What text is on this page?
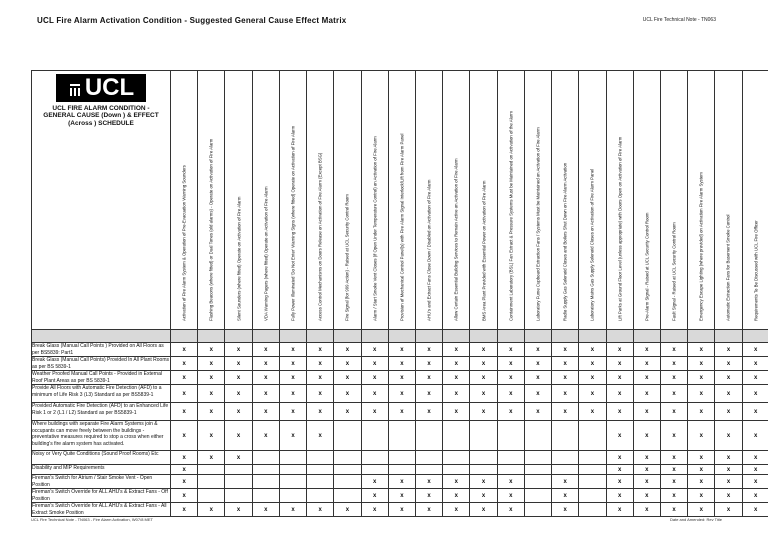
UCL Fire Alarm Activation Condition - Suggested General Cause Effect Matrix	UCL Fire Technical Note - TN063
UCL
UCL FIRE ALARM CONDITION -
GENERAL CAUSE (Down ) & EFFECT
(Across ) SCHEDULE	Activation of Fire Alarm System & Operation of Pre-Evacuation Warning Sounders	Flashing Beacons (where fitted) or Dual Tones (old alarms) - Operate on Activation of Fire Alarm	Silent Sounders (where fitted) Operate on Activation of Fire Alarm	VDA Warning Pagers (where fitted) Operate on Activation of Fire Alarm	Fully Power Illuminated 'Do Not Enter' Warning Signs (where fitted) Operate on Activation of Fire Alarm	Access Control Mechanisms on Doors Release on Activation of Fire Alarm (Except BSG)	Fire Signal (for 999 Action) - Raised at UCL Security Control Room	Alarm / Start Smoke Vent Closes (if Open Under Temperature Control) on Activation of Fire Alarm	Provision of Mechanical Control Panel(s) with Fire Alarm Signal Interlock/Lift from Fire Alarm Panel	AHU's and Extract Fans Close Down / Disabled on Activation of Fire Alarm	Allow Certain Essential Building Services to Remain Active on Activation of Fire Alarm	BMS Area Plant Provided with Essential Power on Activation of Fire Alarm	Containment Laboratory (BSL) Fan Extract & Pressure Systems Must be Maintained on Activation of the Alarm	Laboratory Fume Cupboard Extraction Fans / Systems Must be Maintained on Activation of Fire Alarm	Radio Supply Gas Solenoid Closes and Boilers Shut Down on Fire Alarm Activation	Laboratory Mains Gas Supply Solenoid Closes on Activation of Fire Alarm Panel	Lift Parks at Ground Floor Level (unless appropriate) with Doors Open on Activation of Fire Alarm	Pre-Alarm Signal - Raised at UCL Security Control Room	Fault Signal - Raised at UCL Security Control Room	Emergency Escape Lighting (where provided) on Activation Fire Alarm System	Automatic Extraction Fans for Basement Smoke Control	Requirements To Be Discussed with UCL Fire Officer

Break Glass (Manual Call Points ) Provided on All Floors as per BS5839: Part1	x	x	x	x	x	x	x	x	x	x	x	x	x	x	x	x	x	x	x	x	x	x
Break Glass (Manual Call Points) Provided In All Plant Rooms as per BS 5839-1	x	x	x	x	x	x	x	x	x	x	x	x	x	x	x	x	x	x	x	x	x	x
Weather Proofed Manual Call Points - Provided in External Roof Plant Areas as per BS 5839-1	x	x	x	x	x	x	x	x	x	x	x	x	x	x	x	x	x	x	x	x	x	x
Provide All Floors with Automatic Fire Detection (AFD) to a minimum of Life Risk 3 (L3) Standard as per BS5839-1	x	x	x	x	x	x	x	x	x	x	x	x	x	x	x	x	x	x	x	x	x	x
Provided Automatic Fire Detection (AFD) to an Enhanced Life Risk 1 or 2 (L1 / L2) Standard as per BS5839-1	x	x	x	x	x	x	x	x	x	x	x	x	x	x	x	x	x	x	x	x	x	x
Where buildings with separate Fire Alarm Systems join & occupants can move freely between the buildings - preventative measures required to stop a cross when either building's fire alarm system has activated.	x	x	x	x	x	x											x	x	x	x	x	x
Noisy or Very Quite Conditions (Sound Proof Rooms) Etc	x	x	x														x	x	x	x	x	x
Disability and MIP Requirements	x																x	x	x	x	x	x
Fireman's Switch for Atrium / Stair Smoke Vent - Open Position	x							x	x	x	x	x	x		x		x	x	x	x	x	x
Fireman's Switch Override for ALL AHU's & Extract Fans - Off Position	x							x	x	x	x	x	x		x		x	x	x	x	x	x
Fireman's Switch Override for ALL AHU's & Extract Fans - All Extract Smoke Position	x	x	x	x	x	x	x	x	x	x	x	x	x		x		x	x	x	x	x	x
UCL Fire Technical Note - TN063 - Fire Alarm Activation, W07/8 MET	Date and Amended: Rev Title
